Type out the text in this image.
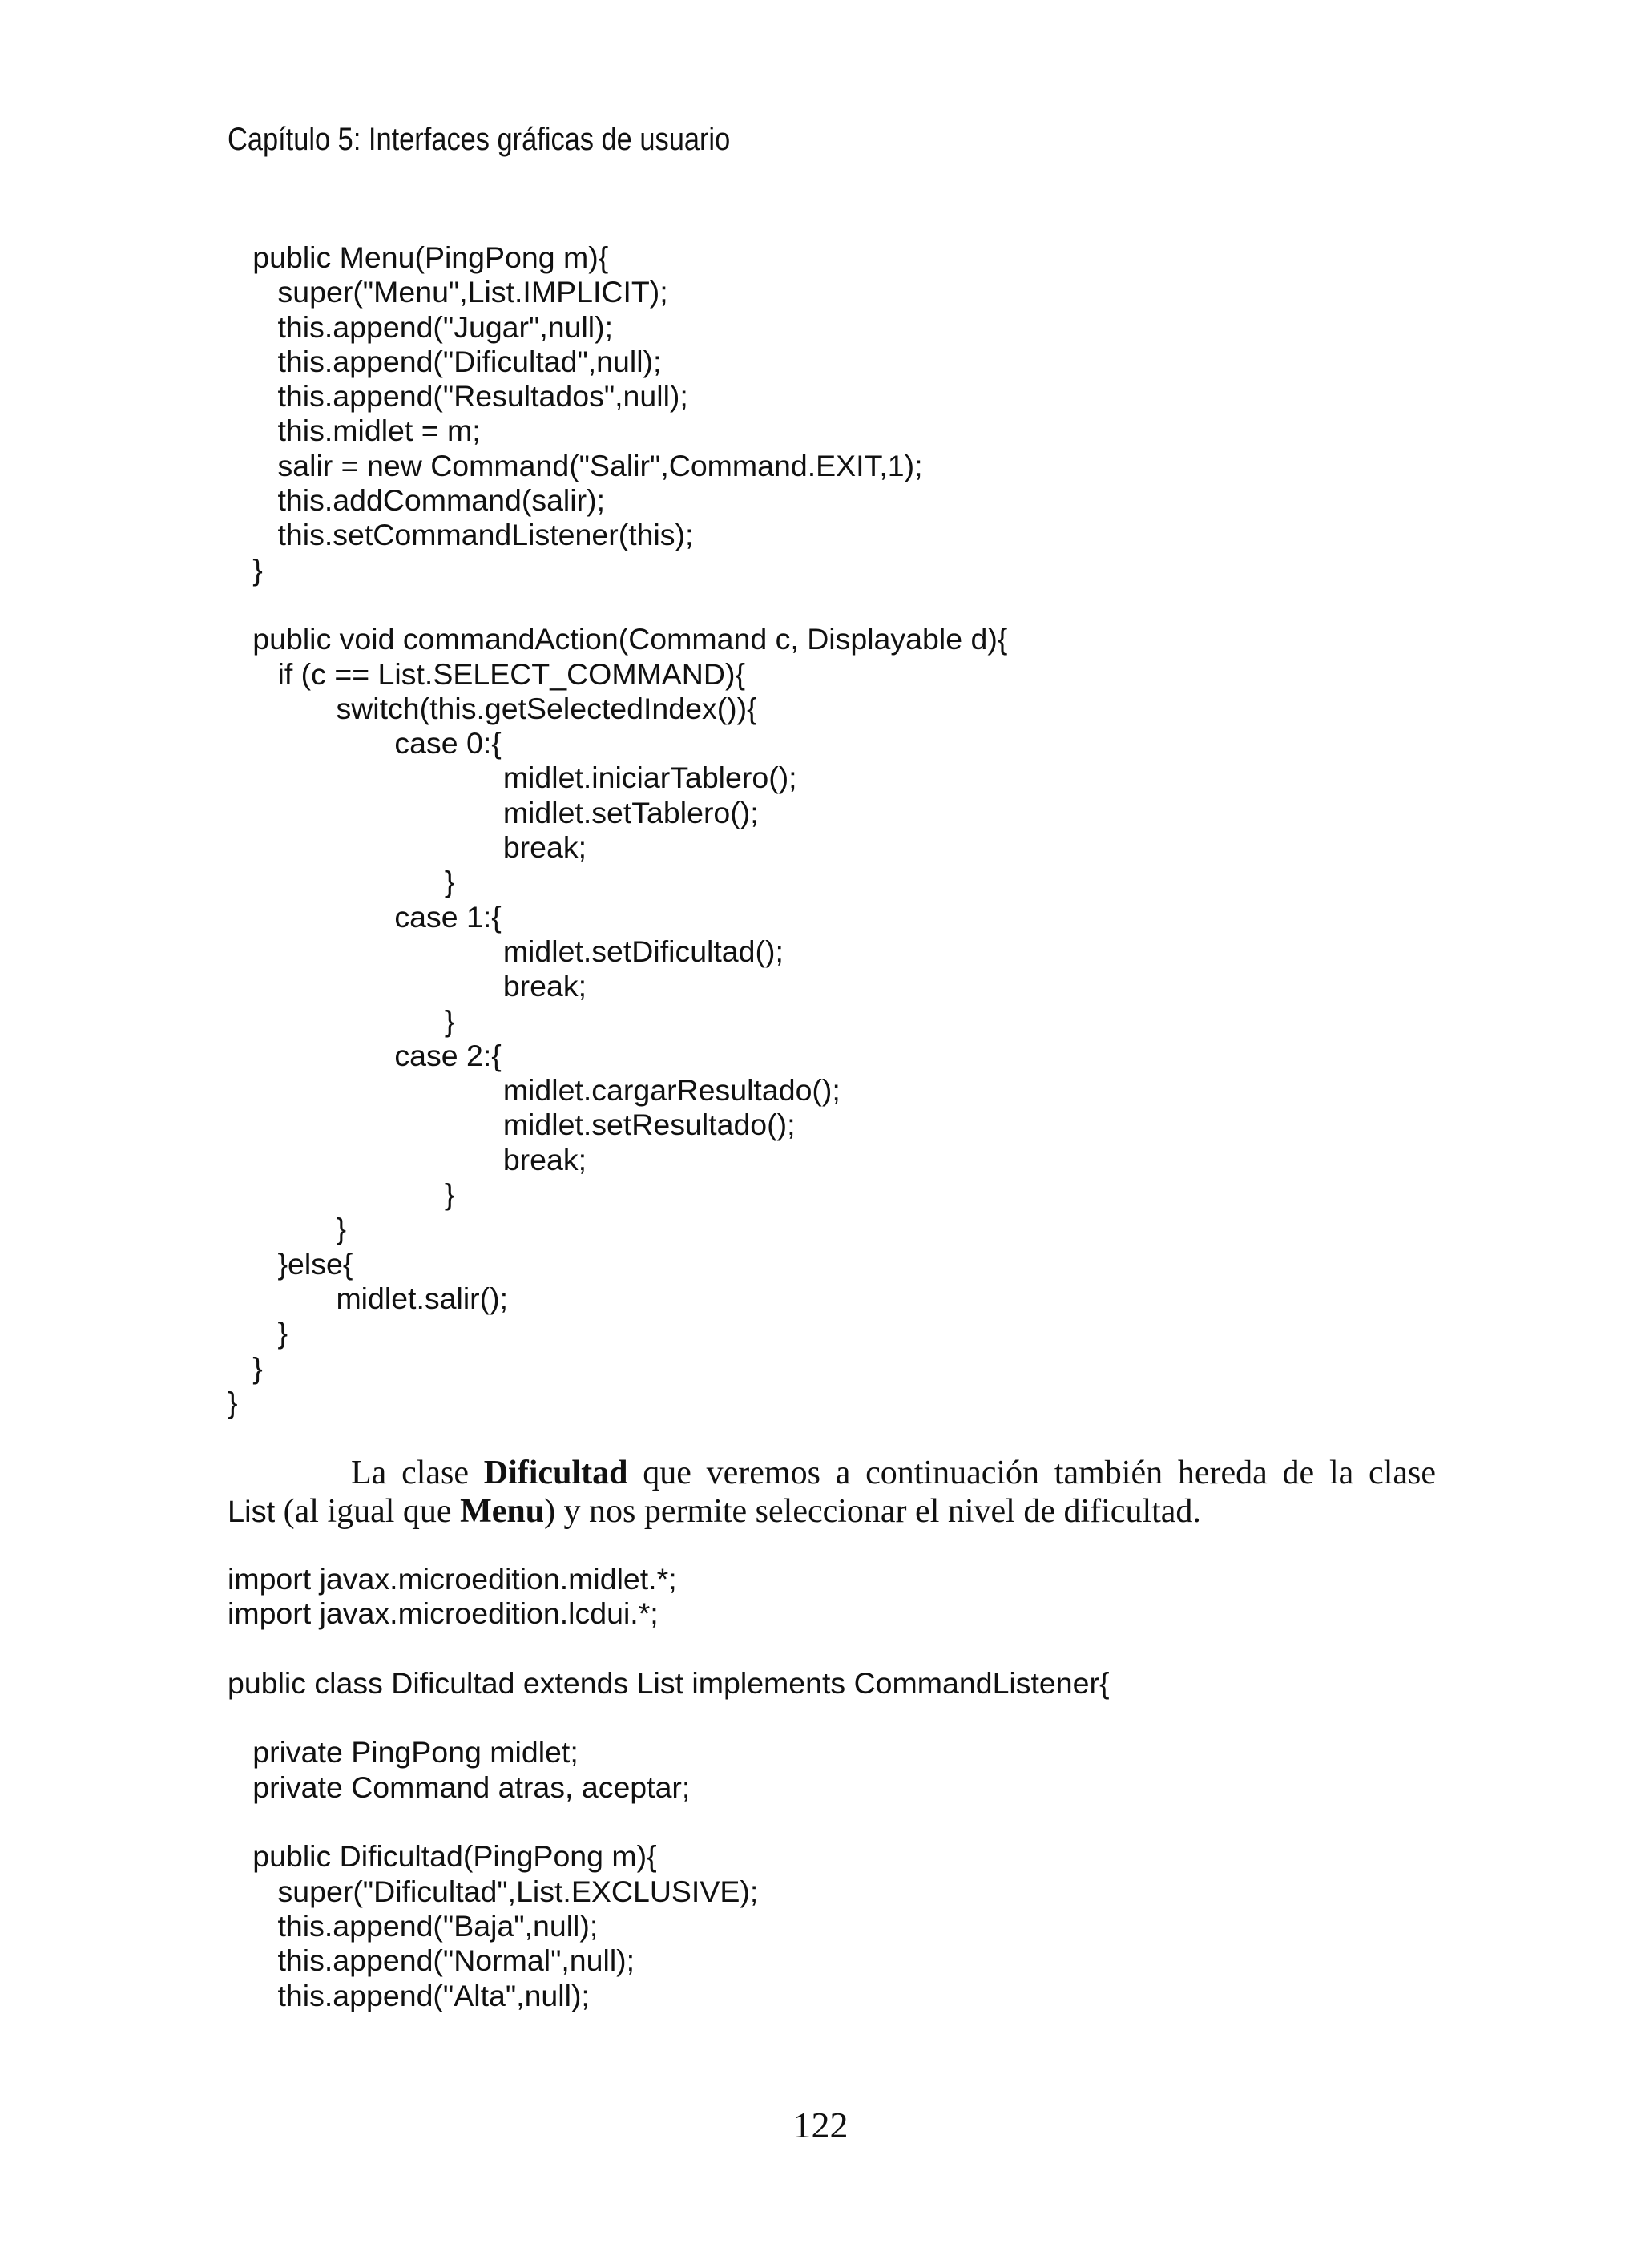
Capítulo 5: Interfaces gráficas de usuario
public Menu(PingPong m){
super("Menu",List.IMPLICIT);
this.append("Jugar",null);
this.append("Dificultad",null);
this.append("Resultados",null);
this.midlet = m;
salir = new Command("Salir",Command.EXIT,1);
this.addCommand(salir);
this.setCommandListener(this);
}

public void commandAction(Command c, Displayable d){
if (c == List.SELECT_COMMAND){
switch(this.getSelectedIndex()){
case 0:{
midlet.iniciarTablero();
midlet.setTablero();
break;
}
case 1:{
midlet.setDificultad();
break;
}
case 2:{
midlet.cargarResultado();
midlet.setResultado();
break;
}
}
}else{
midlet.salir();
}
}
}

La clase Dificultad que veremos a continuación también hereda de la clase

List (al igual que Menu) y nos permite seleccionar el nivel de dificultad.

import javax.microedition.midlet.*;
import javax.microedition.lcdui.*;

public class Dificultad extends List implements CommandListener{

private PingPong midlet;
private Command atras, aceptar;

public Dificultad(PingPong m){
super("Dificultad",List.EXCLUSIVE);
this.append("Baja",null);
this.append("Normal",null);
this.append("Alta",null);
122
